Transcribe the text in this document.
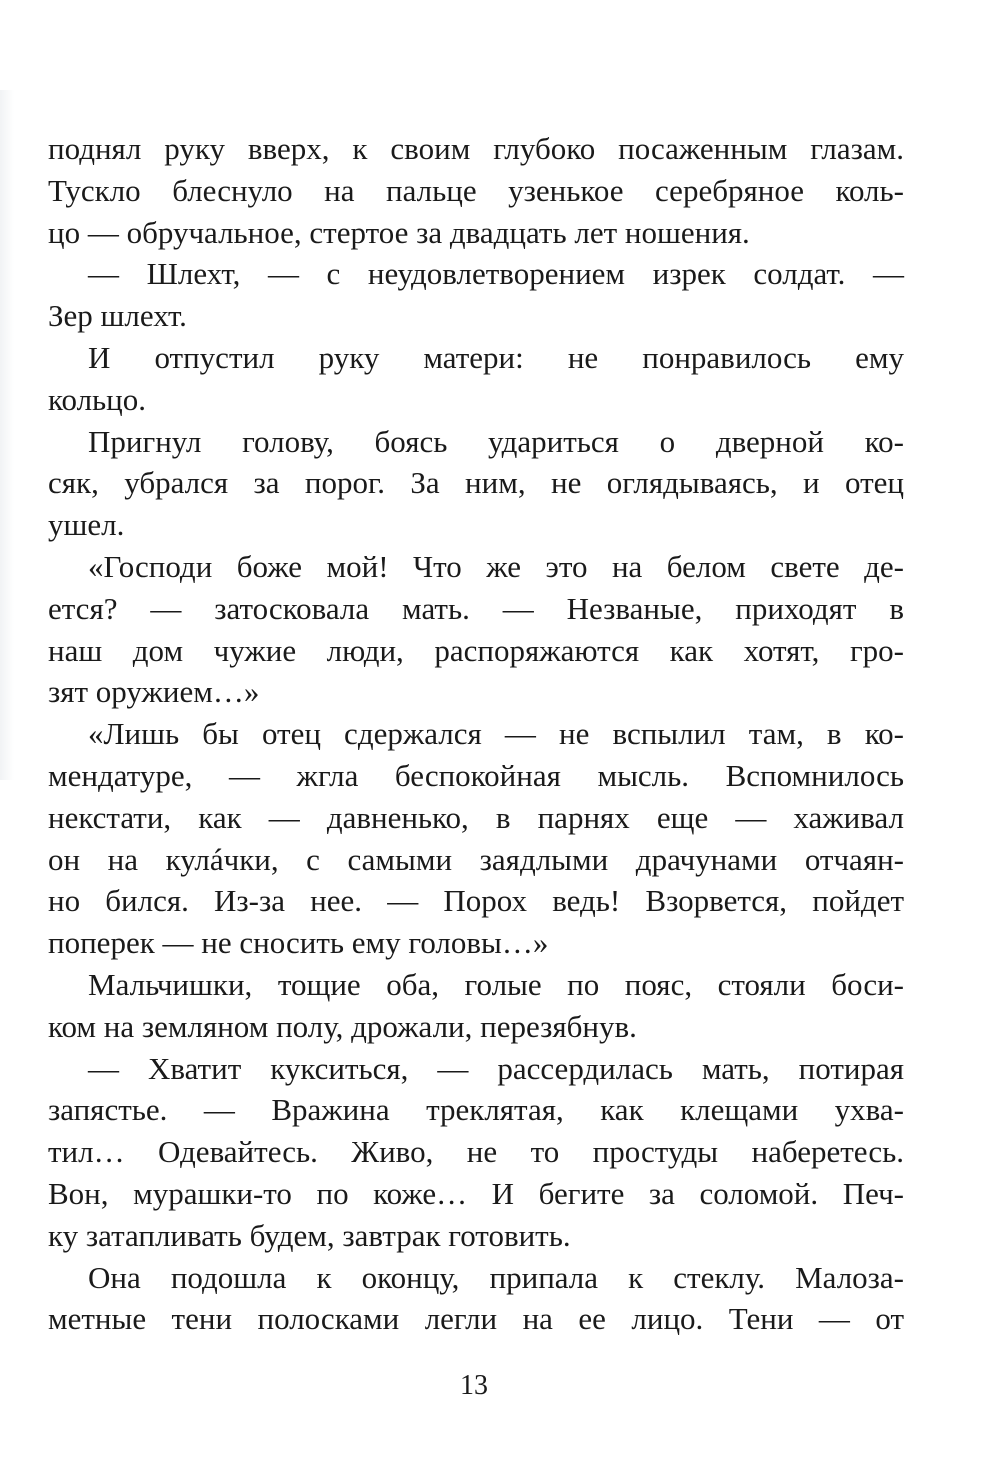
поднял руку вверх, к своим глубоко посаженным глазам.
Тускло блеснуло на пальце узенькое серебряное коль-
цо — обручальное, стертое за двадцать лет ношения.
— Шлехт, — с неудовлетворением изрек солдат. —
Зер шлехт.
И отпустил руку матери: не понравилось ему
кольцо.
Пригнул голову, боясь удариться о дверной ко-
сяк, убрался за порог. За ним, не оглядываясь, и отец
ушел.
«Господи боже мой! Что же это на белом свете де-
ется? — затосковала мать. — Незваные, приходят в
наш дом чужие люди, распоряжаются как хотят, гро-
зят оружием…»
«Лишь бы отец сдержался — не вспылил там, в ко-
мендатуре, — жгла беспокойная мысль. Вспомнилось
некстати, как — давненько, в парнях еще — хаживал
он на кулáчки, с самыми заядлыми драчунами отчаян-
но бился. Из-за нее. — Порох ведь! Взорвется, пойдет
поперек — не сносить ему головы…»
Мальчишки, тощие оба, голые по пояс, стояли боси-
ком на земляном полу, дрожали, перезябнув.
— Хватит кукситься, — рассердилась мать, потирая
запястье. — Вражина треклятая, как клещами ухва-
тил… Одевайтесь. Живо, не то простуды наберетесь.
Вон, мурашки-то по коже… И бегите за соломой. Печ-
ку затапливать будем, завтрак готовить.
Она подошла к оконцу, припала к стеклу. Малоза-
метные тени полосками легли на ее лицо. Тени — от
13
